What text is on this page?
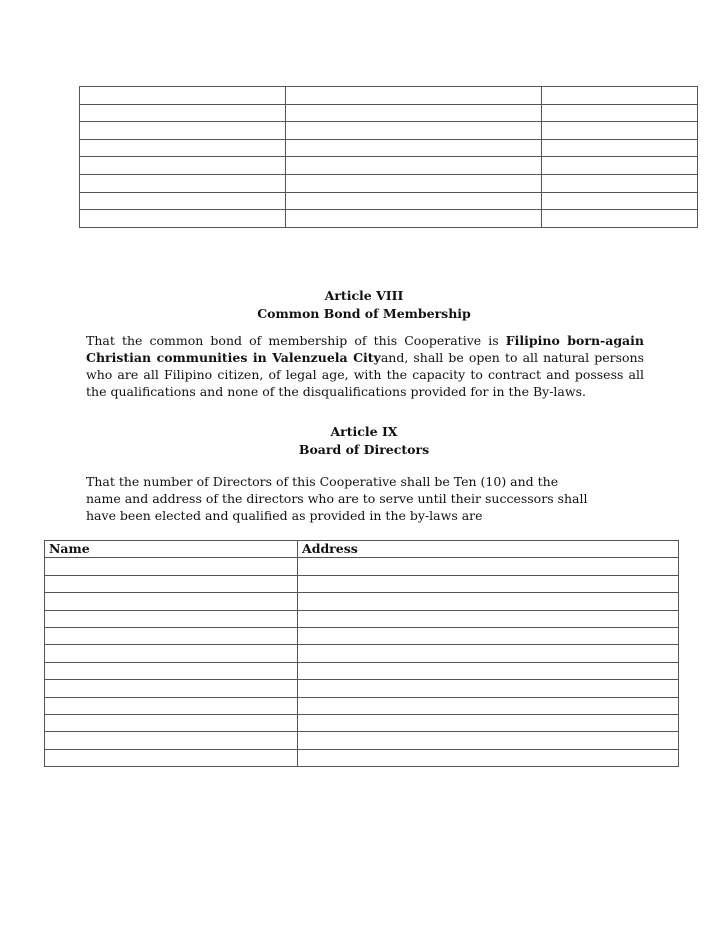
Article VIII
Common Bond of Membership
That the common bond of membership of this Cooperative is Filipino born-again Christian communities in Valenzuela Cityand, shall be open to all natural persons who are all Filipino citizen, of legal age, with the capacity to contract and possess all the qualifications and none of the disqualifications provided for in the By-laws.
Article IX
Board of Directors
That the number of Directors of this Cooperative shall be Ten (10) and the
name and address of the directors who are to serve until their successors shall
have been elected and qualified as provided in the by-laws are
Name	Address
